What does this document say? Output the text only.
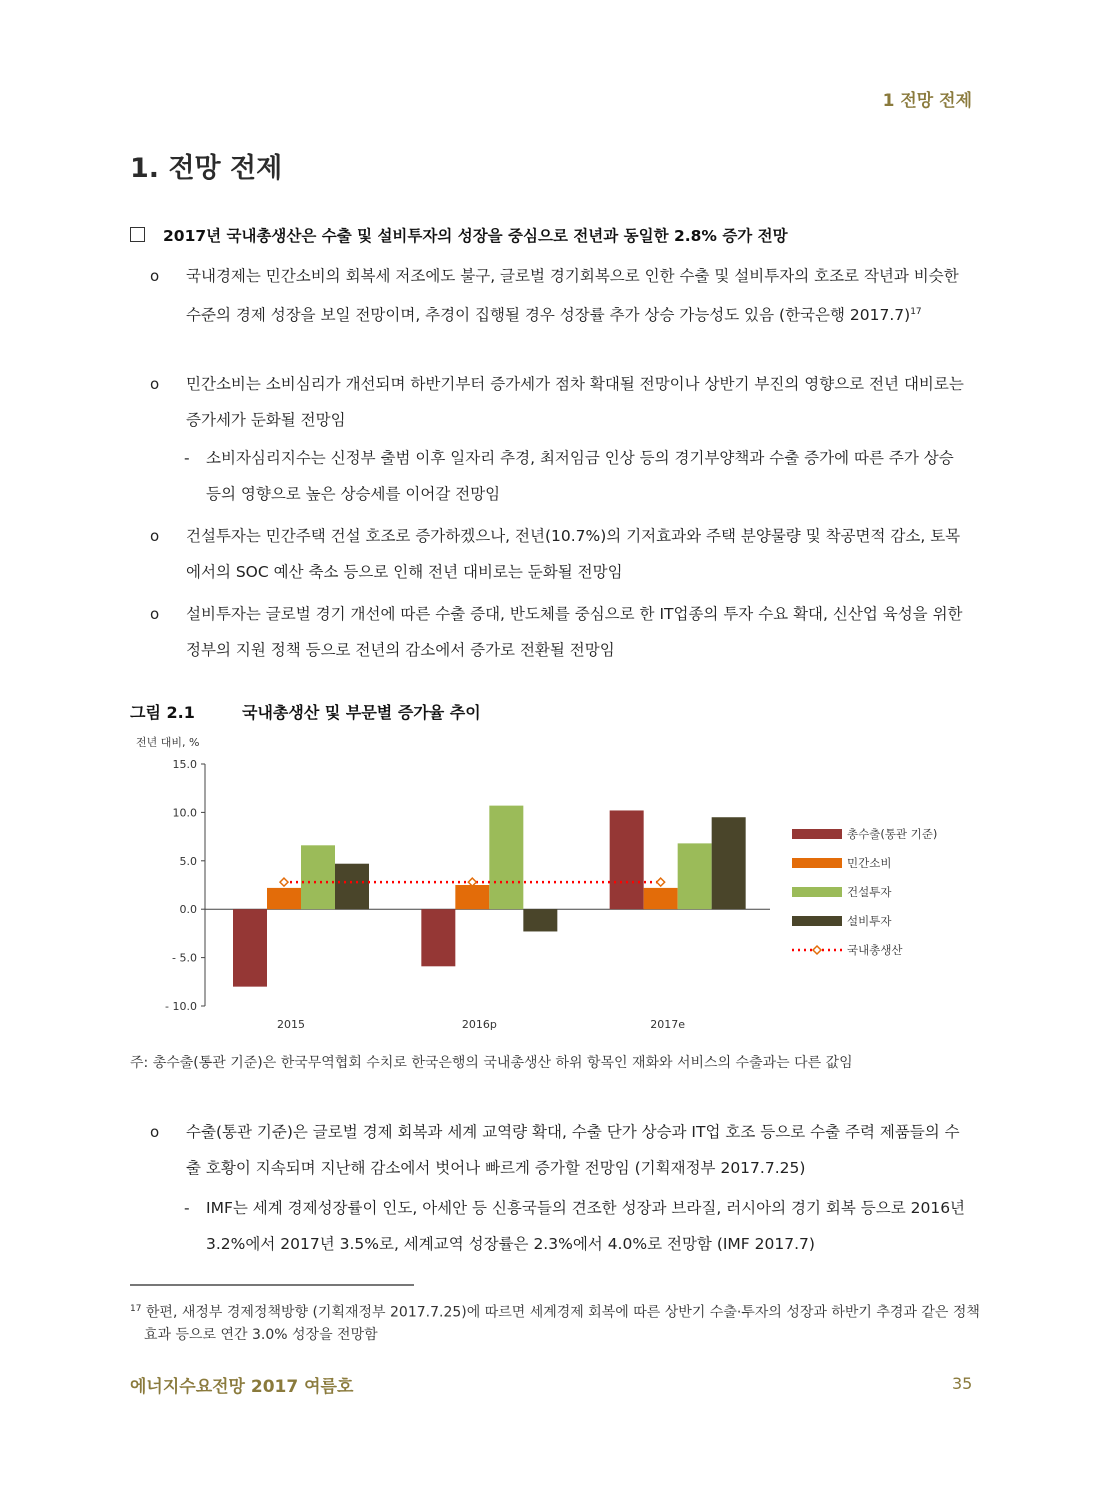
1 전망 전제
1. 전망 전제
2017년 국내총생산은 수출 및 설비투자의 성장을 중심으로 전년과 동일한 2.8% 증가 전망
o 국내경제는 민간소비의 회복세 저조에도 불구, 글로벌 경기회복으로 인한 수출 및 설비투자의 호조로 작년과 비슷한 수준의 경제 성장을 보일 전망이며, 추경이 집행될 경우 성장률 추가 상승 가능성도 있음 (한국은행 2017.7)$^{17}$
o 민간소비는 소비심리가 개선되며 하반기부터 증가세가 점차 확대될 전망이나 상반기 부진의 영향으로 전년 대비로는 증가세가 둔화될 전망임
- 소비자심리지수는 신정부 출범 이후 일자리 추경, 최저임금 인상 등의 경기부양책과 수출 증가에 따른 주가 상승 등의 영향으로 높은 상승세를 이어갈 전망임
o 건설투자는 민간주택 건설 호조로 증가하겠으나, 전년(10.7%)의 기저효과와 주택 분양물량 및 착공면적 감소, 토목에서의 SOC 예산 축소 등으로 인해 전년 대비로는 둔화될 전망임
o 설비투자는 글로벌 경기 개선에 따른 수출 증대, 반도체를 중심으로 한 IT업종의 투자 수요 확대, 신산업 육성을 위한 정부의 지원 정책 등으로 전년의 감소에서 증가로 전환될 전망임
그림 2.1	국내총생산 및 부문별 증가율 추이
전년 대비, %
15.0
10.0
5.0
0.0
- 5.0
- 10.0
2015	2016p	2017e
총수출(통관 기준)
민간소비
건설투자
설비투자
국내총생산
주: 총수출(통관 기준)은 한국무역협회 수치로 한국은행의 국내총생산 하위 항목인 재화와 서비스의 수출과는 다른 값임
o 수출(통관 기준)은 글로벌 경제 회복과 세계 교역량 확대, 수출 단가 상승과 IT업 호조 등으로 수출 주력 제품들의 수출 호황이 지속되며 지난해 감소에서 벗어나 빠르게 증가할 전망임 (기획재정부 2017.7.25)
- IMF는 세계 경제성장률이 인도, 아세안 등 신흥국들의 견조한 성장과 브라질, 러시아의 경기 회복 등으로 2016년 3.2%에서 2017년 3.5%로, 세계교역 성장률은 2.3%에서 4.0%로 전망함 (IMF 2017.7)
$^{17}$ 한편, 새정부 경제정책방향 (기획재정부 2017.7.25)에 따르면 세계경제 회복에 따른 상반기 수출·투자의 성장과 하반기 추경과 같은 정책효과 등으로 연간 3.0% 성장을 전망함
에너지수요전망 2017 여름호	35
